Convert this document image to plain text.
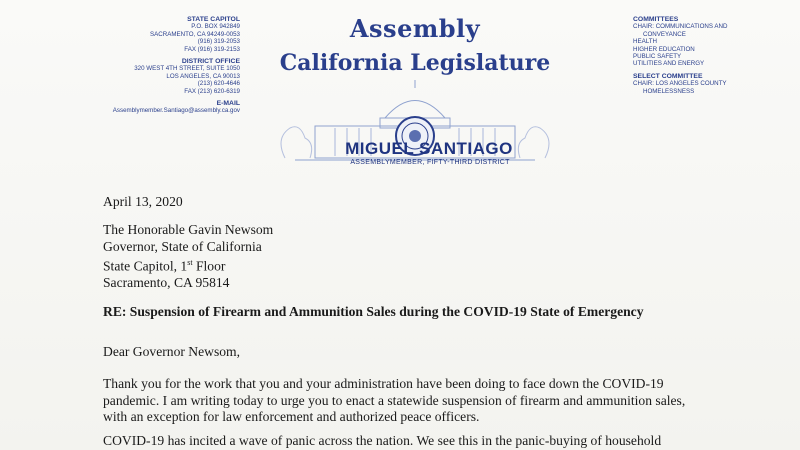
STATE CAPITOL
P.O. BOX 942849
SACRAMENTO, CA 94249-0053
(916) 319-2053
FAX (916) 319-2153
DISTRICT OFFICE
320 WEST 4TH STREET, SUITE 1050
LOS ANGELES, CA 90013
(213) 620-4646
FAX (213) 620-6319
E-MAIL
Assemblymember.Santiago@assembly.ca.gov
Assembly
California Legislature
MIGUEL SANTIAGO
ASSEMBLYMEMBER, FIFTY-THIRD DISTRICT
COMMITTEES
CHAIR: COMMUNICATIONS AND
CONVEYANCE
HEALTH
HIGHER EDUCATION
PUBLIC SAFETY
UTILITIES AND ENERGY
SELECT COMMITTEE
CHAIR: LOS ANGELES COUNTY
HOMELESSNESS
April 13, 2020
The Honorable Gavin Newsom
Governor, State of California
State Capitol, 1st Floor
Sacramento, CA 95814
RE: Suspension of Firearm and Ammunition Sales during the COVID-19 State of Emergency
Dear Governor Newsom,
Thank you for the work that you and your administration have been doing to face down the COVID-19 pandemic. I am writing today to urge you to enact a statewide suspension of firearm and ammunition sales, with an exception for law enforcement and authorized peace officers.
COVID-19 has incited a wave of panic across the nation. We see this in the panic-buying of household
